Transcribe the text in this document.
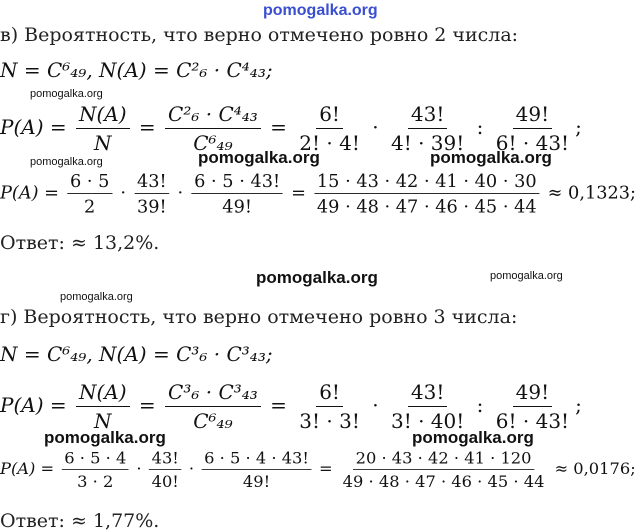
pomogalka.org
pomogalka.org
pomogalka.org	pomogalka.org	pomogalka.org
pomogalka.org	pomogalka.org
pomogalka.org
pomogalka.org	pomogalka.org
в) Вероятность, что верно отмечено ровно 2 числа:
N = C⁶₄₉, N(A) = C²₆ · C⁴₄₃;
$P(A) = \frac{N(A)}{N} = \frac{\text{C²₆ · C⁴₄₃}}{\text{C⁶₄₉}} = \frac{6!}{2! \cdot 4!} \cdot \frac{43!}{4! \cdot 39!}$ : $\frac{49!}{6! \cdot 43!}$ ;
$P(A) = \frac{6 \cdot 5}{2} \cdot \frac{43!}{39!} \cdot \frac{6 \cdot 5 \cdot 43!}{49!} = \frac{15 \cdot 43 \cdot 42 \cdot 41 \cdot 40 \cdot 30}{49 \cdot 48 \cdot 47 \cdot 46 \cdot 45 \cdot 44} \approx 0,1323$;
Ответ: ≈ 13,2%.
г) Вероятность, что верно отмечено ровно 3 числа:
N = C⁶₄₉, N(A) = C³₆ · C³₄₃;
$P(A) = \frac{N(A)}{N} = \frac{\text{C³₆ · C³₄₃}}{\text{C⁶₄₉}} = \frac{6!}{3! \cdot 3!} \cdot \frac{43!}{3! \cdot 40!}$ : $\frac{49!}{6! \cdot 43!}$ ;
$P(A) = \frac{6 \cdot 5 \cdot 4}{3 \cdot 2} \cdot \frac{43!}{40!} \cdot \frac{6 \cdot 5 \cdot 4 \cdot 43!}{49!} = \frac{20 \cdot 43 \cdot 42 \cdot 41 \cdot 120}{49 \cdot 48 \cdot 47 \cdot 46 \cdot 45 \cdot 44} \approx 0,0176$;
Ответ: ≈ 1,77%.
